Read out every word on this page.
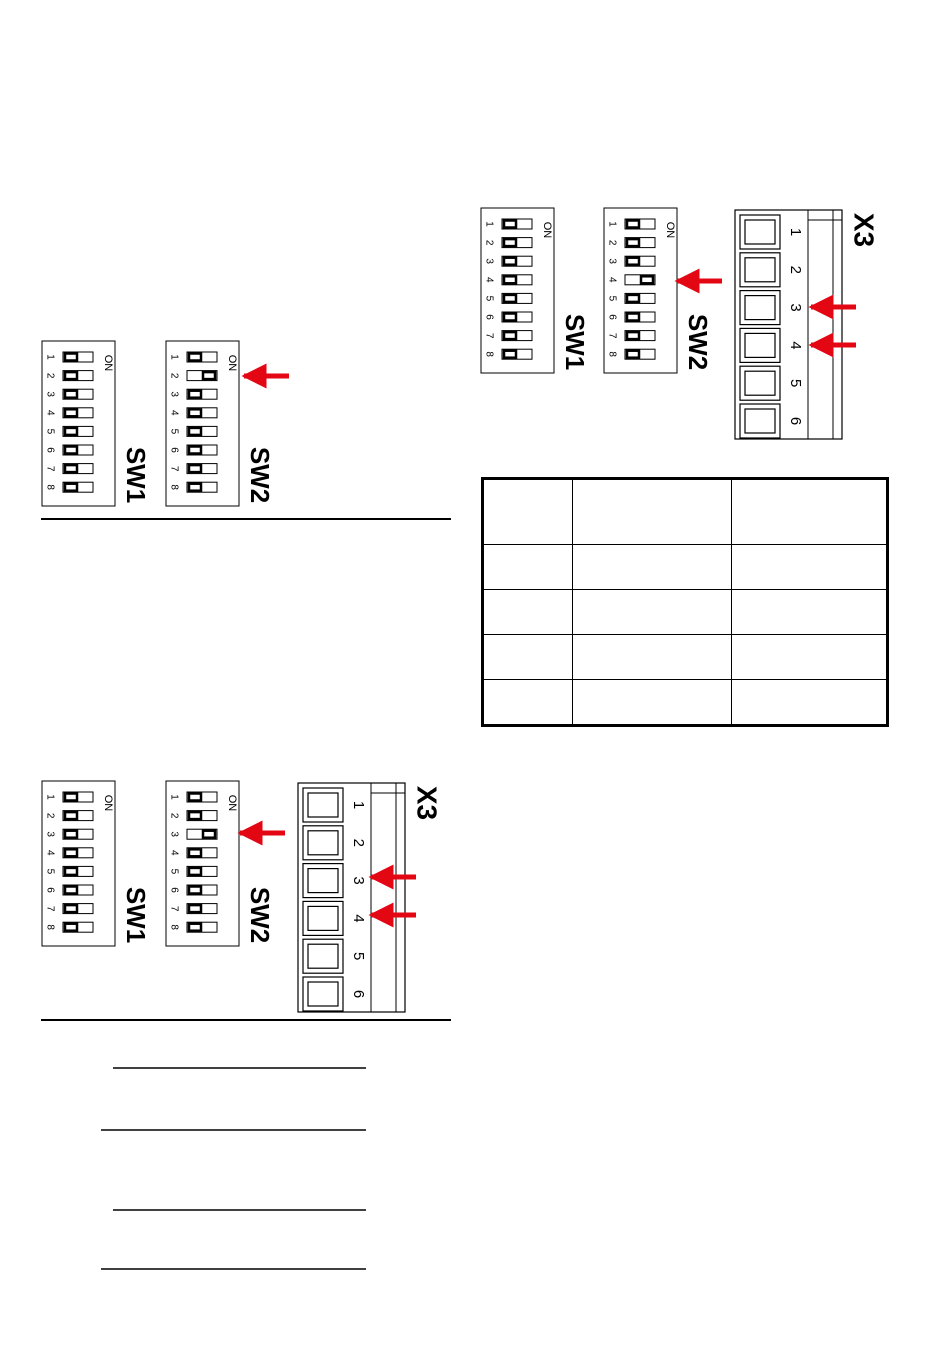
ON
1
2
3
4
5
6
7
8	SW1
ON
1
2
3
4
5
6
7
8	SW2
ON
1
2
3
4
5
6
7
8	SW1
ON
1
2
3
4
5
6
7
8	SW2
1
2
3
4
5
6
X3
ON
1
2
3
4
5
6
7
8	SW1
ON
1
2
3
4
5
6
7
8	SW2
1
2
3
4
5
6
X3
